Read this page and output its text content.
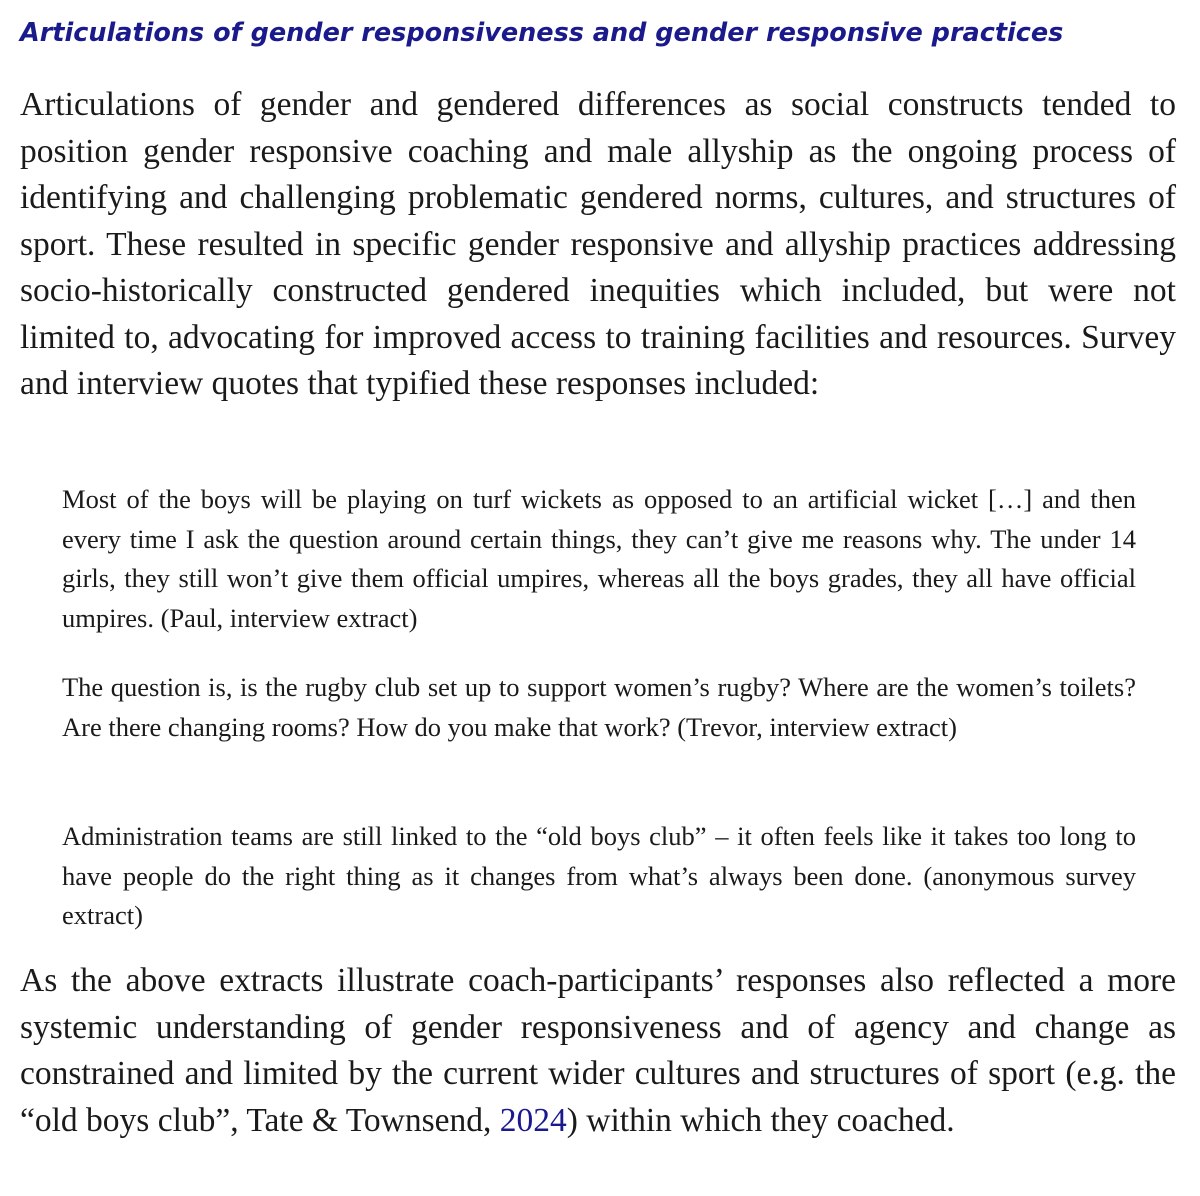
Articulations of gender responsiveness and gender responsive practices

Articulations of gender and gendered differences as social constructs tended to position gender responsive coaching and male allyship as the ongoing process of identifying and challenging problematic gendered norms, cultures, and structures of sport. These resulted in specific gender responsive and allyship practices addressing socio-historically constructed gendered inequities which included, but were not limited to, advocating for improved access to training facilities and resources. Survey and interview quotes that typified these responses included:

Most of the boys will be playing on turf wickets as opposed to an artificial wicket […] and then every time I ask the question around certain things, they can’t give me reasons why. The under 14 girls, they still won’t give them official umpires, whereas all the boys grades, they all have official umpires. (Paul, interview extract)

The question is, is the rugby club set up to support women’s rugby? Where are the women’s toilets? Are there changing rooms? How do you make that work? (Trevor, interview extract)

Administration teams are still linked to the “old boys club” – it often feels like it takes too long to have people do the right thing as it changes from what’s always been done. (anonymous survey extract)

As the above extracts illustrate coach-participants’ responses also reflected a more systemic understanding of gender responsiveness and of agency and change as constrained and limited by the current wider cultures and structures of sport (e.g. the “old boys club”, Tate & Townsend, 2024) within which they coached.
